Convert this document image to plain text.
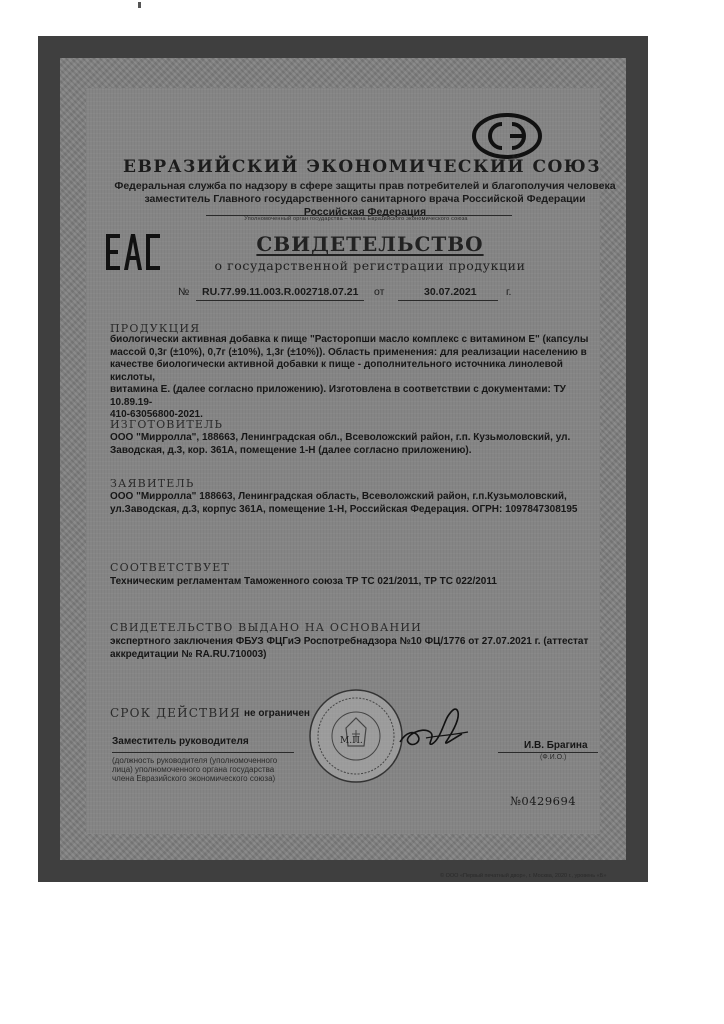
ЕВРАЗИЙСКИЙ ЭКОНОМИЧЕСКИЙ СОЮЗ
Федеральная служба по надзору в сфере защиты прав потребителей и благополучия человека
заместитель Главного государственного санитарного врача Российской Федерации
Российская Федерация
Уполномоченный орган государства – члена Евразийского экономического союза
СВИДЕТЕЛЬСТВО
о государственной регистрации продукции
№ RU.77.99.11.003.R.002718.07.21 от	30.07.2021	г.
ПРОДУКЦИЯ
биологически активная добавка к пище "Расторопши масло комплекс с витамином Е" (капсулы
массой 0,3г (±10%), 0,7г (±10%), 1,3г (±10%)). Область применения: для реализации населению в
качестве биологически активной добавки к пище - дополнительного источника линолевой кислоты,
витамина Е. (далее согласно приложению). Изготовлена в соответствии с документами: ТУ 10.89.19-
410-63056800-2021.
ИЗГОТОВИТЕЛЬ
ООО "Мирролла", 188663, Ленинградская обл., Всеволожский район, г.п. Кузьмоловский, ул.
Заводская, д.3, кор. 361А, помещение 1-Н (далее согласно приложению).
ЗАЯВИТЕЛЬ
ООО "Мирролла" 188663, Ленинградская область, Всеволожский район, г.п.Кузьмоловский,
ул.Заводская, д.3, корпус 361А, помещение 1-Н, Российская Федерация. ОГРН: 1097847308195
СООТВЕТСТВУЕТ
Техническим регламентам Таможенного союза ТР ТС 021/2011, ТР ТС 022/2011
СВИДЕТЕЛЬСТВО ВЫДАНО НА ОСНОВАНИИ
экспертного заключения ФБУЗ ФЦГиЭ Роспотребнадзора №10 ФЦ/1776 от 27.07.2021 г. (аттестат
аккредитации № RA.RU.710003)
СРОК ДЕЙСТВИЯ не ограничен
М.П.
Заместитель руководителя	И.В. Брагина
(Ф.И.О.)
(должность руководителя (уполномоченного
лица) уполномоченного органа государства
члена Евразийского экономического союза)
№0429694
© ООО «Первый печатный двор», г. Москва, 2020 г., уровень «Б»
